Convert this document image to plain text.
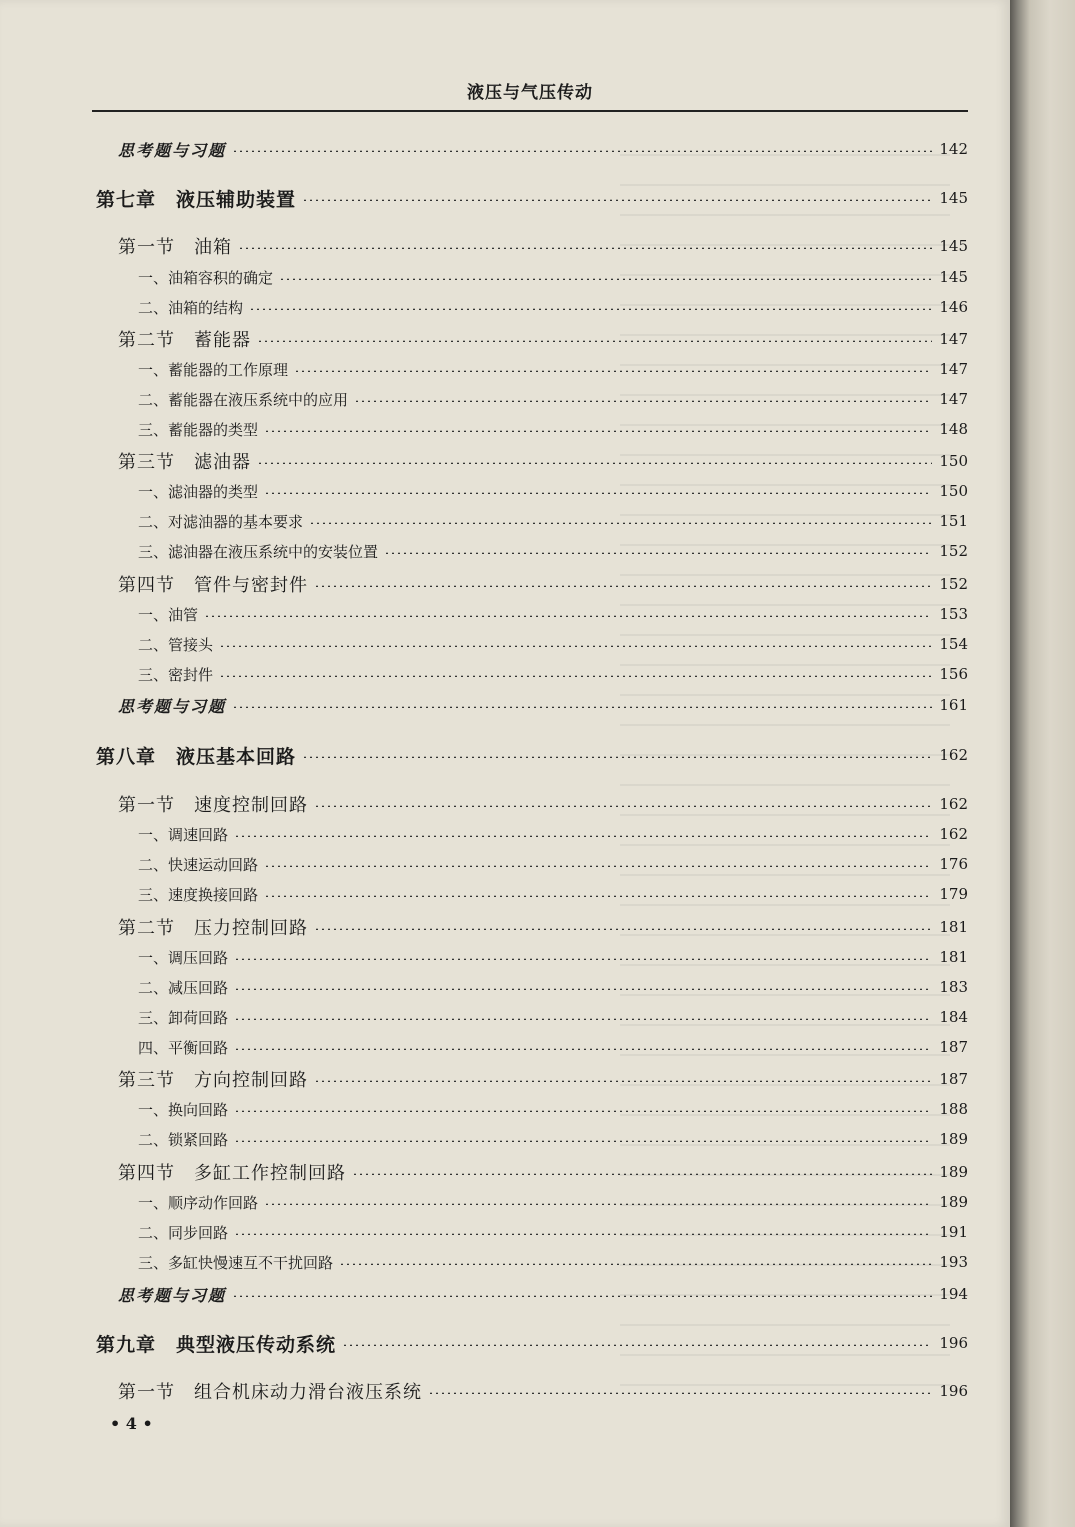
液压与气压传动
思考题与习题	142
第七章　液压辅助装置	145
第一节　油箱	145
一、油箱容积的确定	145
二、油箱的结构	146
第二节　蓄能器	147
一、蓄能器的工作原理	147
二、蓄能器在液压系统中的应用	147
三、蓄能器的类型	148
第三节　滤油器	150
一、滤油器的类型	150
二、对滤油器的基本要求	151
三、滤油器在液压系统中的安装位置	152
第四节　管件与密封件	152
一、油管	153
二、管接头	154
三、密封件	156
思考题与习题	161
第八章　液压基本回路	162
第一节　速度控制回路	162
一、调速回路	162
二、快速运动回路	176
三、速度换接回路	179
第二节　压力控制回路	181
一、调压回路	181
二、减压回路	183
三、卸荷回路	184
四、平衡回路	187
第三节　方向控制回路	187
一、换向回路	188
二、锁紧回路	189
第四节　多缸工作控制回路	189
一、顺序动作回路	189
二、同步回路	191
三、多缸快慢速互不干扰回路	193
思考题与习题	194
第九章　典型液压传动系统	196
第一节　组合机床动力滑台液压系统	196
• 4 •
